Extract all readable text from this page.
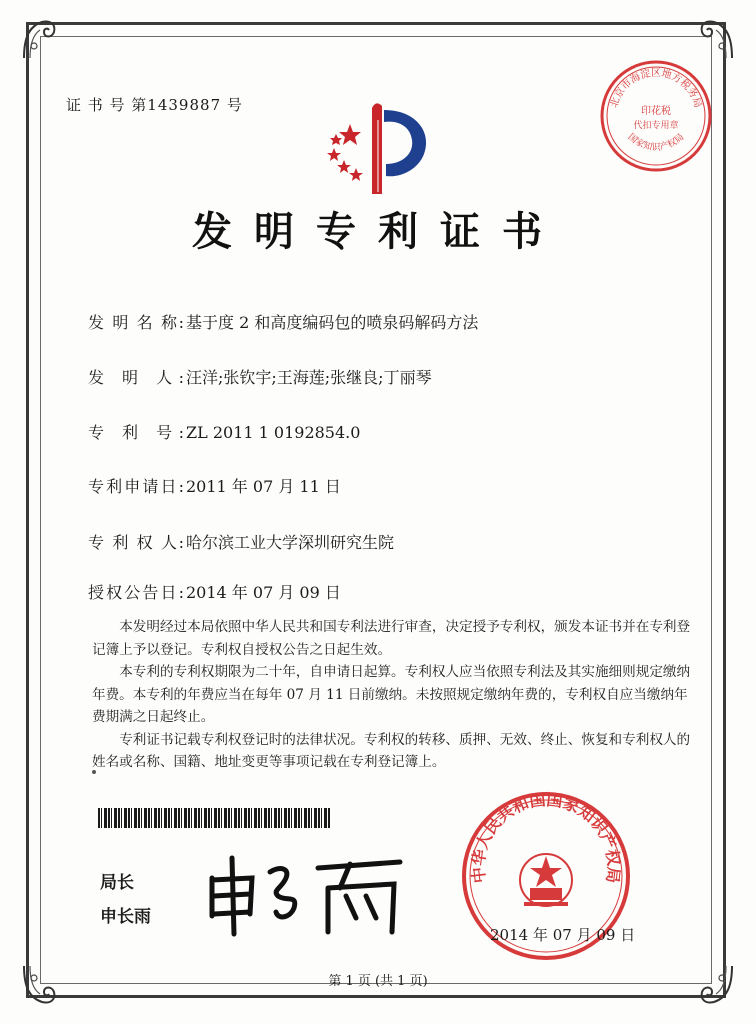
证 书 号 第1439887 号	北京市海淀区地方税务局
印花税
代扣专用章
国家知识产权局
发明专利证书
发 明 名 称: 基于度 2 和高度编码包的喷泉码解码方法
发 明 人: 汪洋;张钦宇;王海莲;张继良;丁丽琴
专 利 号: ZL 2011 1 0192854.0
专利申请日: 2011 年 07 月 11 日
专 利 权 人: 哈尔滨工业大学深圳研究生院
授权公告日: 2014 年 07 月 09 日

本发明经过本局依照中华人民共和国专利法进行审查，决定授予专利权，颁发本证书并在专利登记簿上予以登记。专利权自授权公告之日起生效。

本专利的专利权期限为二十年，自申请日起算。专利权人应当依照专利法及其实施细则规定缴纳年费。本专利的年费应当在每年 07 月 11 日前缴纳。未按照规定缴纳年费的，专利权自应当缴纳年费期满之日起终止。

专利证书记载专利权登记时的法律状况。专利权的转移、质押、无效、终止、恢复和专利权人的姓名或名称、国籍、地址变更等事项记载在专利登记簿上。

局长
申长雨
中华人民共和国国家知识产权局
2014 年 07 月 09 日
第 1 页 (共 1 页)
